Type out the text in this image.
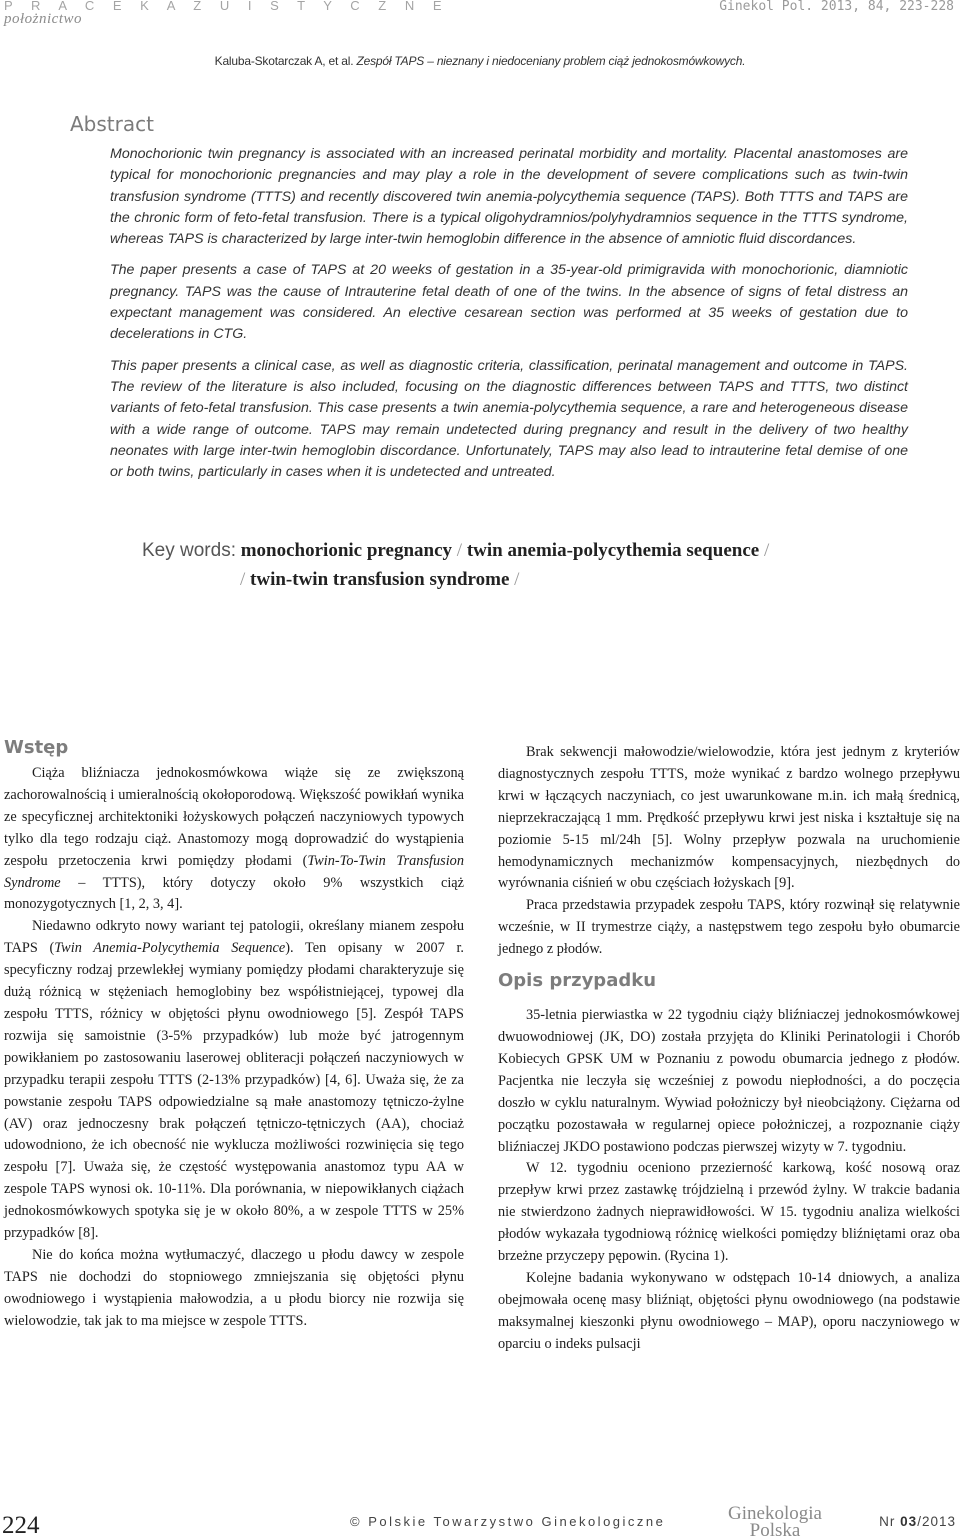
P R A C E K A Z U I S T Y C Z N E
położnictwo
Ginekol Pol. 2013, 84, 223-228
Kaluba-Skotarczak A, et al. Zespół TAPS – nieznany i niedoceniany problem ciąż jednokosmówkowych.
Abstract

Monochorionic twin pregnancy is associated with an increased perinatal morbidity and mortality. Placental anastomoses are typical for monochorionic pregnancies and may play a role in the development of severe complications such as twin-twin transfusion syndrome (TTTS) and recently discovered twin anemia-polycythemia sequence (TAPS). Both TTTS and TAPS are the chronic form of feto-fetal transfusion. There is a typical oligohydramnios/polyhydramnios sequence in the TTTS syndrome, whereas TAPS is characterized by large inter-twin hemoglobin difference in the absence of amniotic fluid discordances.

The paper presents a case of TAPS at 20 weeks of gestation in a 35-year-old primigravida with monochorionic, diamniotic pregnancy. TAPS was the cause of Intrauterine fetal death of one of the twins. In the absence of signs of fetal distress an expectant management was considered. An elective cesarean section was performed at 35 weeks of gestation due to decelerations in CTG.

This paper presents a clinical case, as well as diagnostic criteria, classification, perinatal management and outcome in TAPS. The review of the literature is also included, focusing on the diagnostic differences between TAPS and TTTS, two distinct variants of feto-fetal transfusion. This case presents a twin anemia-polycythemia sequence, a rare and heterogeneous disease with a wide range of outcome. TAPS may remain undetected during pregnancy and result in the delivery of two healthy neonates with large inter-twin hemoglobin discordance. Unfortunately, TAPS may also lead to intrauterine fetal demise of one or both twins, particularly in cases when it is undetected and untreated.

Key words: monochorionic pregnancy / twin anemia-polycythemia sequence /
/ twin-twin transfusion syndrome /
Wstęp

Ciąża bliźniacza jednokosmówkowa wiąże się ze zwiększoną zachorowalnością i umieralnością okołoporodową. Większość powikłań wynika ze specyficznej architektoniki łożyskowych połączeń naczyniowych typowych tylko dla tego rodzaju ciąż. Anastomozy mogą doprowadzić do wystąpienia zespołu przetoczenia krwi pomiędzy płodami (Twin-To-Twin Transfusion Syndrome – TTTS), który dotyczy około 9% wszystkich ciąż monozygotycznych [1, 2, 3, 4].

Niedawno odkryto nowy wariant tej patologii, określany mianem zespołu TAPS (Twin Anemia-Polycythemia Sequence). Ten opisany w 2007 r. specyficzny rodzaj przewlekłej wymiany pomiędzy płodami charakteryzuje się dużą różnicą w stężeniach hemoglobiny bez współistniejącej, typowej dla zespołu TTTS, różnicy w objętości płynu owodniowego [5]. Zespół TAPS rozwija się samoistnie (3-5% przypadków) lub może być jatrogennym powikłaniem po zastosowaniu laserowej obliteracji połączeń naczyniowych w przypadku terapii zespołu TTTS (2-13% przypadków) [4, 6]. Uważa się, że za powstanie zespołu TAPS odpowiedzialne są małe anastomozy tętniczo-żylne (AV) oraz jednoczesny brak połączeń tętniczo-tętniczych (AA), chociaż udowodniono, że ich obecność nie wyklucza możliwości rozwinięcia się tego zespołu [7]. Uważa się, że częstość występowania anastomoz typu AA w zespole TAPS wynosi ok. 10-11%. Dla porównania, w niepowikłanych ciążach jednokosmówkowych spotyka się je w około 80%, a w zespole TTTS w 25% przypadków [8].

Nie do końca można wytłumaczyć, dlaczego u płodu dawcy w zespole TAPS nie dochodzi do stopniowego zmniejszania się objętości płynu owodniowego i wystąpienia małowodzia, a u płodu biorcy nie rozwija się wielowodzie, tak jak to ma miejsce w zespole TTTS.

Brak sekwencji małowodzie/wielowodzie, która jest jednym z kryteriów diagnostycznych zespołu TTTS, może wynikać z bardzo wolnego przepływu krwi w łączących naczyniach, co jest uwarunkowane m.in. ich małą średnicą, nieprzekraczającą 1 mm. Prędkość przepływu krwi jest niska i kształtuje się na poziomie 5-15 ml/24h [5]. Wolny przepływ pozwala na uruchomienie hemodynamicznych mechanizmów kompensacyjnych, niezbędnych do wyrównania ciśnień w obu częściach łożyskach [9].

Praca przedstawia przypadek zespołu TAPS, który rozwinął się relatywnie wcześnie, w II trymestrze ciąży, a następstwem tego zespołu było obumarcie jednego z płodów.

Opis przypadku

35-letnia pierwiastka w 22 tygodniu ciąży bliźniaczej jednokosmówkowej dwuowodniowej (JK, DO) została przyjęta do Kliniki Perinatologii i Chorób Kobiecych GPSK UM w Poznaniu z powodu obumarcia jednego z płodów. Pacjentka nie leczyła się wcześniej z powodu niepłodności, a do poczęcia doszło w cyklu naturalnym. Wywiad położniczy był nieobciążony. Ciężarna od początku pozostawała w regularnej opiece położniczej, a rozpoznanie ciąży bliźniaczej JKDO postawiono podczas pierwszej wizyty w 7. tygodniu.

W 12. tygodniu oceniono przezierność karkową, kość nosową oraz przepływ krwi przez zastawkę trójdzielną i przewód żylny. W trakcie badania nie stwierdzono żadnych nieprawidłowości. W 15. tygodniu analiza wielkości płodów wykazała tygodniową różnicę wielkości pomiędzy bliźniętami oraz oba brzeżne przyczepy pępowin. (Rycina 1).

Kolejne badania wykonywano w odstępach 10-14 dniowych, a analiza obejmowała ocenę masy bliźniąt, objętości płynu owodniowego (na podstawie maksymalnej kieszonki płynu owodniowego – MAP), oporu naczyniowego w oparciu o indeks pulsacji

224	© Polskie Towarzystwo Ginekologiczne	Ginekologia
Polska	Nr 03/2013
